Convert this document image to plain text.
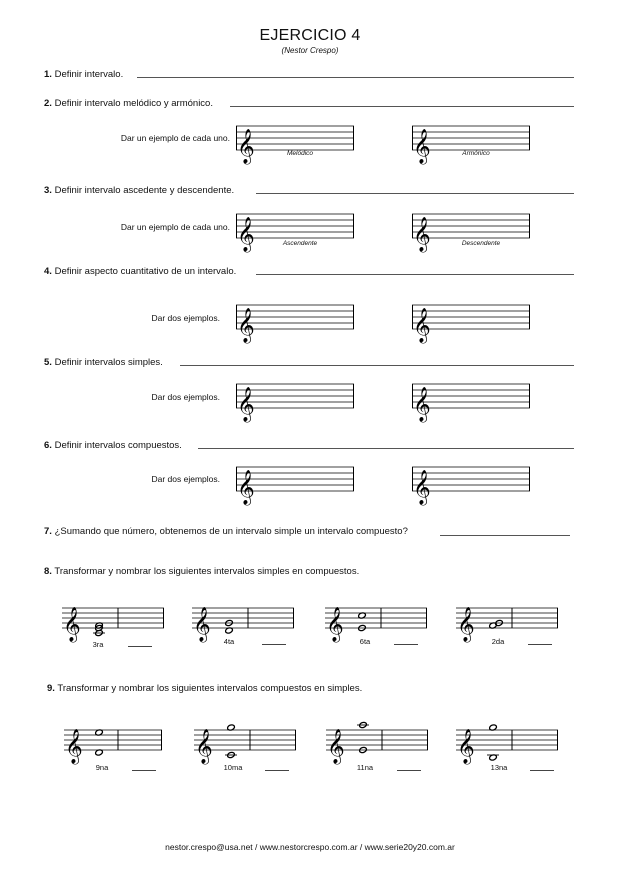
EJERCICIO 4
(Nestor Crespo)
1. Definir intervalo.
2. Definir intervalo melódico y armónico.
Dar un ejemplo de cada uno. 𝄞	𝄞
Melódico	Armónico
3. Definir intervalo ascedente y descendente.
Dar un ejemplo de cada uno. 𝄞	𝄞
Ascendente	Descendente
4. Definir aspecto cuantitativo de un intervalo.
Dar dos ejemplos. 𝄞	𝄞
5. Definir intervalos simples.
Dar dos ejemplos. 𝄞	𝄞
6. Definir intervalos compuestos.
Dar dos ejemplos. 𝄞	𝄞
7. ¿Sumando que número, obtenemos de un intervalo simple un intervalo compuesto?
8. Transformar y nombrar los siguientes intervalos simples en compuestos.
𝄞	𝄞	𝄞	𝄞
3ra	4ta	6ta	2da
9. Transformar y nombrar los siguientes intervalos compuestos en simples.
𝄞	𝄞	𝄞	𝄞
9na	10ma	11na	13na
nestor.crespo@usa.net / www.nestorcrespo.com.ar / www.serie20y20.com.ar
